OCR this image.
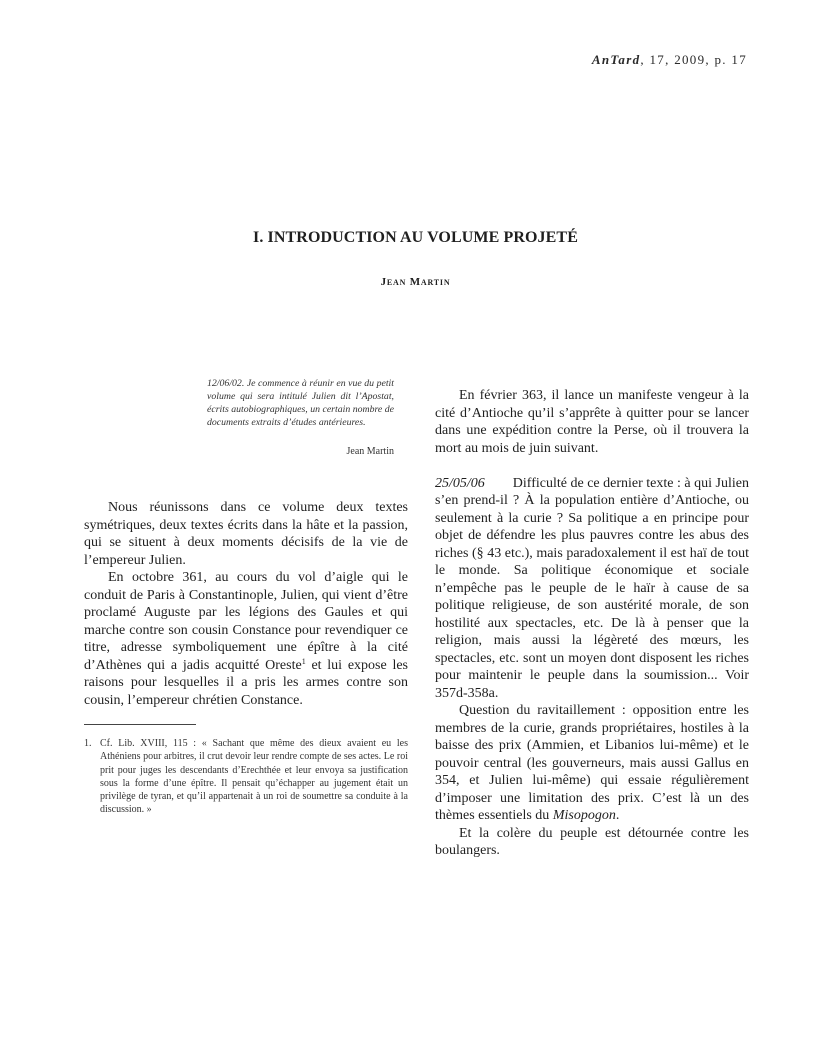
AnTard, 17, 2009, p. 17
I. INTRODUCTION AU VOLUME PROJETÉ
Jean Martin
12/06/02. Je commence à réunir en vue du petit volume qui sera intitulé Julien dit l’Apostat, écrits autobiographiques, un certain nombre de documents extraits d’études antérieures.
Jean Martin

Nous réunissons dans ce volume deux textes symétriques, deux textes écrits dans la hâte et la passion, qui se situent à deux moments décisifs de la vie de l’empereur Julien.

En octobre 361, au cours du vol d’aigle qui le conduit de Paris à Constantinople, Julien, qui vient d’être proclamé Auguste par les légions des Gaules et qui marche contre son cousin Constance pour revendiquer ce titre, adresse symboliquement une épître à la cité d’Athènes qui a jadis acquitté Oreste$^1$ et lui expose les raisons pour lesquelles il a pris les armes contre son cousin, l’empereur chrétien Constance.

1. Cf. Lib. XVIII, 115 : « Sachant que même des dieux avaient eu les Athéniens pour arbitres, il crut devoir leur rendre compte de ses actes. Le roi prit pour juges les descendants d’Erechthée et leur envoya sa justification sous la forme d’une épître. Il pensait qu’échapper au jugement était un privilège de tyran, et qu’il appartenait à un roi de soumettre sa conduite à la discussion. »

En février 363, il lance un manifeste vengeur à la cité d’Antioche qu’il s’apprête à quitter pour se lancer dans une expédition contre la Perse, où il trouvera la mort au mois de juin suivant.

25/05/06 Difficulté de ce dernier texte : à qui Julien s’en prend-il ? À la population entière d’Antioche, ou seulement à la curie ? Sa politique a en principe pour objet de défendre les plus pauvres contre les abus des riches (§ 43 etc.), mais paradoxalement il est haï de tout le monde. Sa politique économique et sociale n’empêche pas le peuple de le haïr à cause de sa politique religieuse, de son austérité morale, de son hostilité aux spectacles, etc. De là à penser que la religion, mais aussi la légèreté des mœurs, les spectacles, etc. sont un moyen dont disposent les riches pour maintenir le peuple dans la soumission... Voir 357d-358a.

Question du ravitaillement : opposition entre les membres de la curie, grands propriétaires, hostiles à la baisse des prix (Ammien, et Libanios lui-même) et le pouvoir central (les gouverneurs, mais aussi Gallus en 354, et Julien lui-même) qui essaie régulièrement d’imposer une limitation des prix. C’est là un des thèmes essentiels du Misopogon.

Et la colère du peuple est détournée contre les boulangers.
